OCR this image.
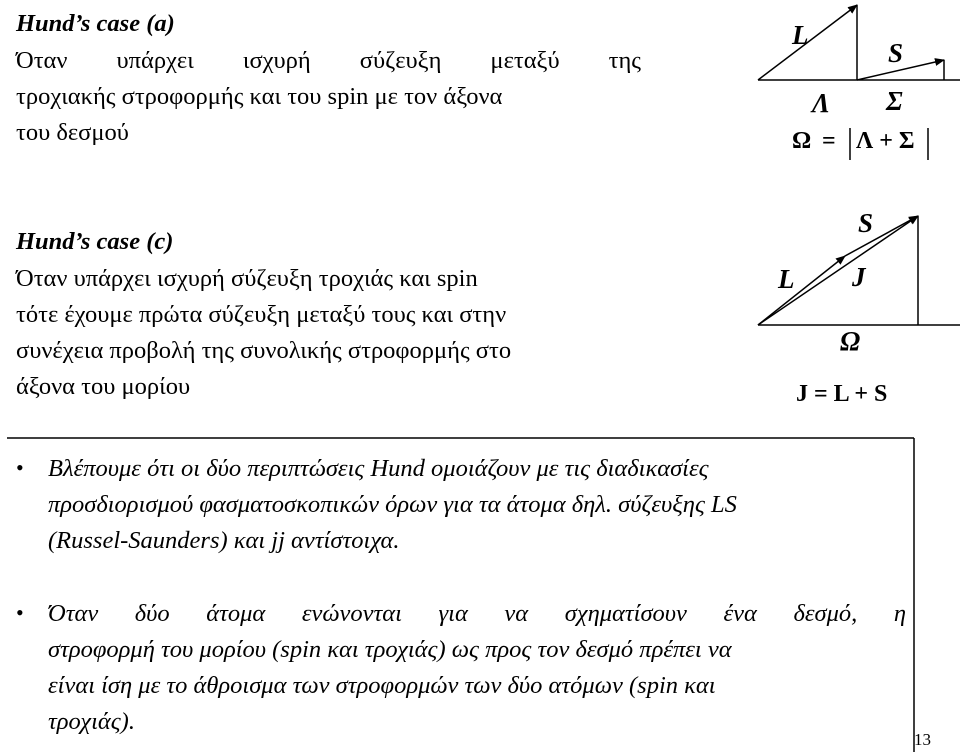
Hund’s case (a)
Όταν υπάρχει ισχυρή σύζευξη μεταξύ της
τροχιακής στροφορμής και του spin με τον άξονα
του δεσμού
L
S
Λ Σ
Ω = Λ + Σ
Hund’s case (c)
Όταν υπάρχει ισχυρή σύζευξη τροχιάς και spin
τότε έχουμε πρώτα σύζευξη μεταξύ τους και στην
συνέχεια προβολή της συνολικής στροφορμής στο
άξονα του μορίου
S
L J
Ω
J = L + S
• Βλέπουμε ότι οι δύο περιπτώσεις Hund ομοιάζουν με τις διαδικασίες
προσδιορισμού φασματοσκοπικών όρων για τα άτομα δηλ. σύζευξης LS
(Russel-Saunders) και jj αντίστοιχα.
• Όταν δύο άτομα ενώνονται για να σχηματίσουν ένα δεσμό, η
στροφορμή του μορίου (spin και τροχιάς) ως προς τον δεσμό πρέπει να
είναι ίση με το άθροισμα των στροφορμών των δύο ατόμων (spin και
τροχιάς).
13
